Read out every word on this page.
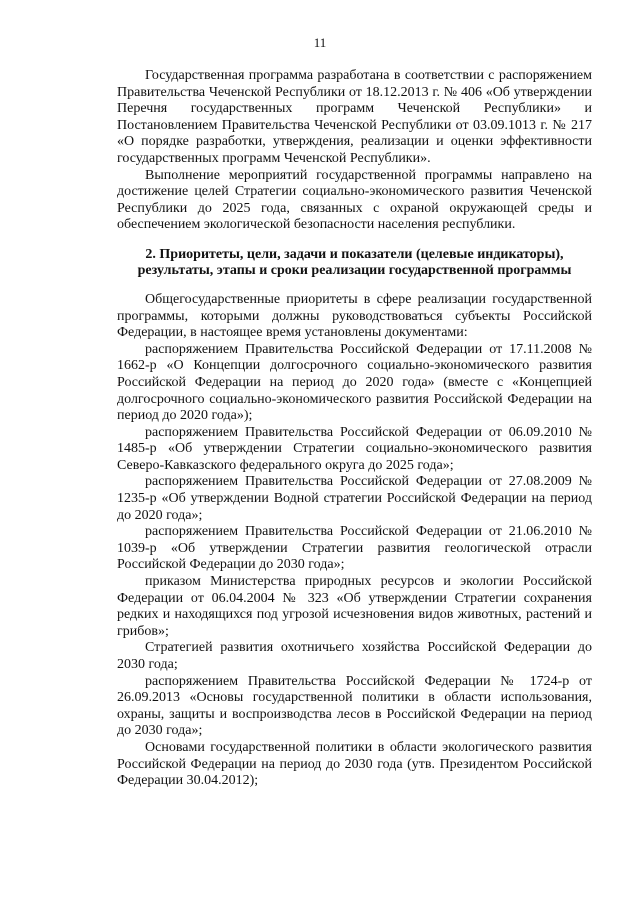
11

Государственная программа разработана в соответствии с распоряжением Правительства Чеченской Республики от 18.12.2013 г. № 406 «Об утверждении Перечня государственных программ Чеченской Республики» и Постановлением Правительства Чеченской Республики от 03.09.1013 г. № 217 «О порядке разработки, утверждения, реализации и оценки эффективности государственных программ Чеченской Республики».

Выполнение мероприятий государственной программы направлено на достижение целей Стратегии социально-экономического развития Чеченской Республики до 2025 года, связанных с охраной окружающей среды и обеспечением экологической безопасности населения республики.

2. Приоритеты, цели, задачи и показатели (целевые индикаторы), результаты, этапы и сроки реализации государственной программы

Общегосударственные приоритеты в сфере реализации государственной программы, которыми должны руководствоваться субъекты Российской Федерации, в настоящее время установлены документами:

распоряжением Правительства Российской Федерации от 17.11.2008 № 1662-р «О Концепции долгосрочного социально-экономического развития Российской Федерации на период до 2020 года» (вместе с «Концепцией долгосрочного социально-экономического развития Российской Федерации на период до 2020 года»);

распоряжением Правительства Российской Федерации от 06.09.2010 № 1485-р «Об утверждении Стратегии социально-экономического развития Северо-Кавказского федерального округа до 2025 года»;

распоряжением Правительства Российской Федерации от 27.08.2009 № 1235-р «Об утверждении Водной стратегии Российской Федерации на период до 2020 года»;

распоряжением Правительства Российской Федерации от 21.06.2010 № 1039-р «Об утверждении Стратегии развития геологической отрасли Российской Федерации до 2030 года»;

приказом Министерства природных ресурсов и экологии Российской Федерации от 06.04.2004 № 323 «Об утверждении Стратегии сохранения редких и находящихся под угрозой исчезновения видов животных, растений и грибов»;

Стратегией развития охотничьего хозяйства Российской Федерации до 2030 года;

распоряжением Правительства Российской Федерации № 1724-р от 26.09.2013 «Основы государственной политики в области использования, охраны, защиты и воспроизводства лесов в Российской Федерации на период до 2030 года»;

Основами государственной политики в области экологического развития Российской Федерации на период до 2030 года (утв. Президентом Российской Федерации 30.04.2012);
